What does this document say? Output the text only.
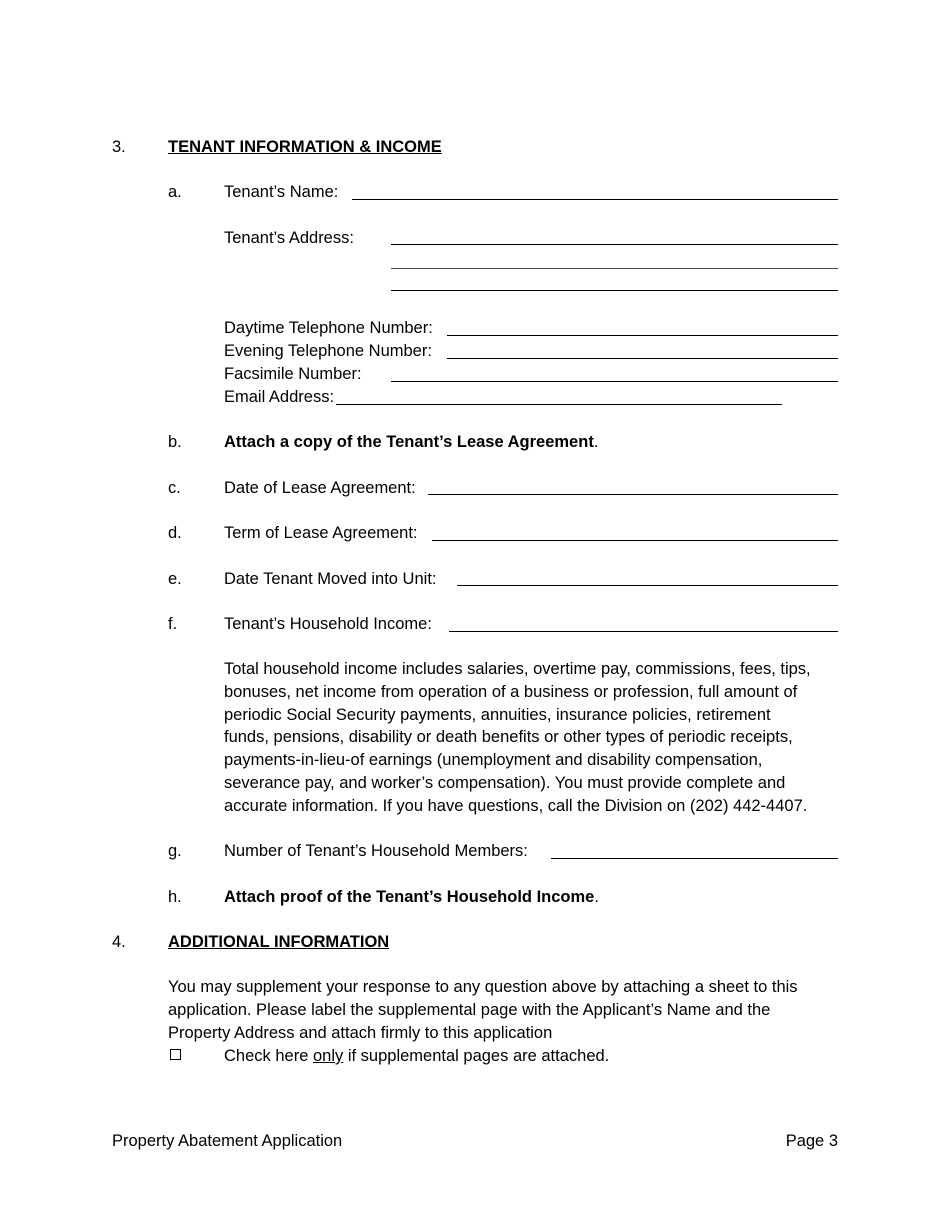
3.	TENANT INFORMATION & INCOME
a.	Tenant’s Name:
Tenant’s Address:
Daytime Telephone Number:
Evening Telephone Number:
Facsimile Number:
Email Address:
b.	Attach a copy of the Tenant’s Lease Agreement.
c.	Date of Lease Agreement:
d.	Term of Lease Agreement:
e.	Date Tenant Moved into Unit:
f.	Tenant’s Household Income:
Total household income includes salaries, overtime pay, commissions, fees, tips,
bonuses, net income from operation of a business or profession, full amount of
periodic Social Security payments, annuities, insurance policies, retirement
funds, pensions, disability or death benefits or other types of periodic receipts,
payments-in-lieu-of earnings (unemployment and disability compensation,
severance pay, and worker’s compensation). You must provide complete and
accurate information. If you have questions, call the Division on (202) 442-4407.
g.	Number of Tenant’s Household Members:
h.	Attach proof of the Tenant’s Household Income.
4.	ADDITIONAL INFORMATION
You may supplement your response to any question above by attaching a sheet to this
application. Please label the supplemental page with the Applicant’s Name and the
Property Address and attach firmly to this application
Check here only if supplemental pages are attached.
Property Abatement Application	Page 3
